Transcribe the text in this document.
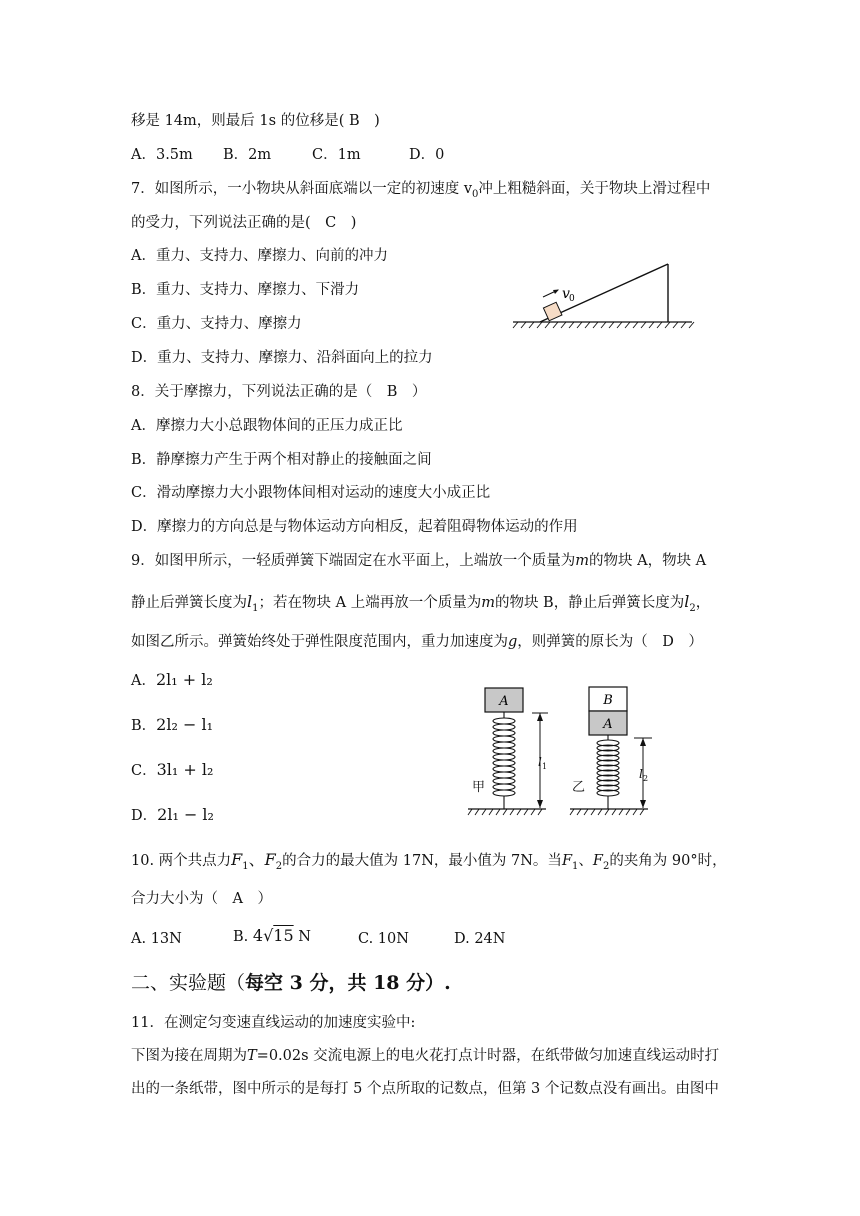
移是 14m，则最后 1s 的位移是( B　)
A．3.5m B．2m	C．1m	D．0
7．如图所示，一小物块从斜面底端以一定的初速度 $v_0$冲上粗糙斜面，关于物块上滑过程中
的受力，下列说法正确的是(　C　)
A．重力、支持力、摩擦力、向前的冲力
B．重力、支持力、摩擦力、下滑力
C．重力、支持力、摩擦力
D．重力、支持力、摩擦力、沿斜面向上的拉力
v 0
8．关于摩擦力，下列说法正确的是（　B　）
A．摩擦力大小总跟物体间的正压力成正比
B．静摩擦力产生于两个相对静止的接触面之间
C．滑动摩擦力大小跟物体间相对运动的速度大小成正比
D．摩擦力的方向总是与物体运动方向相反，起着阻碍物体运动的作用
9．如图甲所示，一轻质弹簧下端固定在水平面上，上端放一个质量为m的物块 A，物块 A
静止后弹簧长度为$l_1$；若在物块 A 上端再放一个质量为m的物块 B，静止后弹簧长度为$l_2$，
如图乙所示。弹簧始终处于弹性限度范围内，重力加速度为g，则弹簧的原长为（　D　）
A．2l₁ + l₂
B．2l₂ − l₁
C．3l₁ + l₂
D．2l₁ − l₂
A
l 1
甲
B
A
l 2
乙
10. 两个共点力$F_1$、$F_2$的合力的最大值为 17N，最小值为 7N。当$F_1$、$F_2$的夹角为 90°时，
合力大小为（　A　）
A. 13N	B. 4√15 N	C. 10N	D. 24N
二、实验题（每空 3 分，共 18 分）.
11．在测定匀变速直线运动的加速度实验中:
下图为接在周期为T=0.02s 交流电源上的电火花打点计时器，在纸带做匀加速直线运动时打
出的一条纸带，图中所示的是每打 5 个点所取的记数点，但第 3 个记数点没有画出。由图中
